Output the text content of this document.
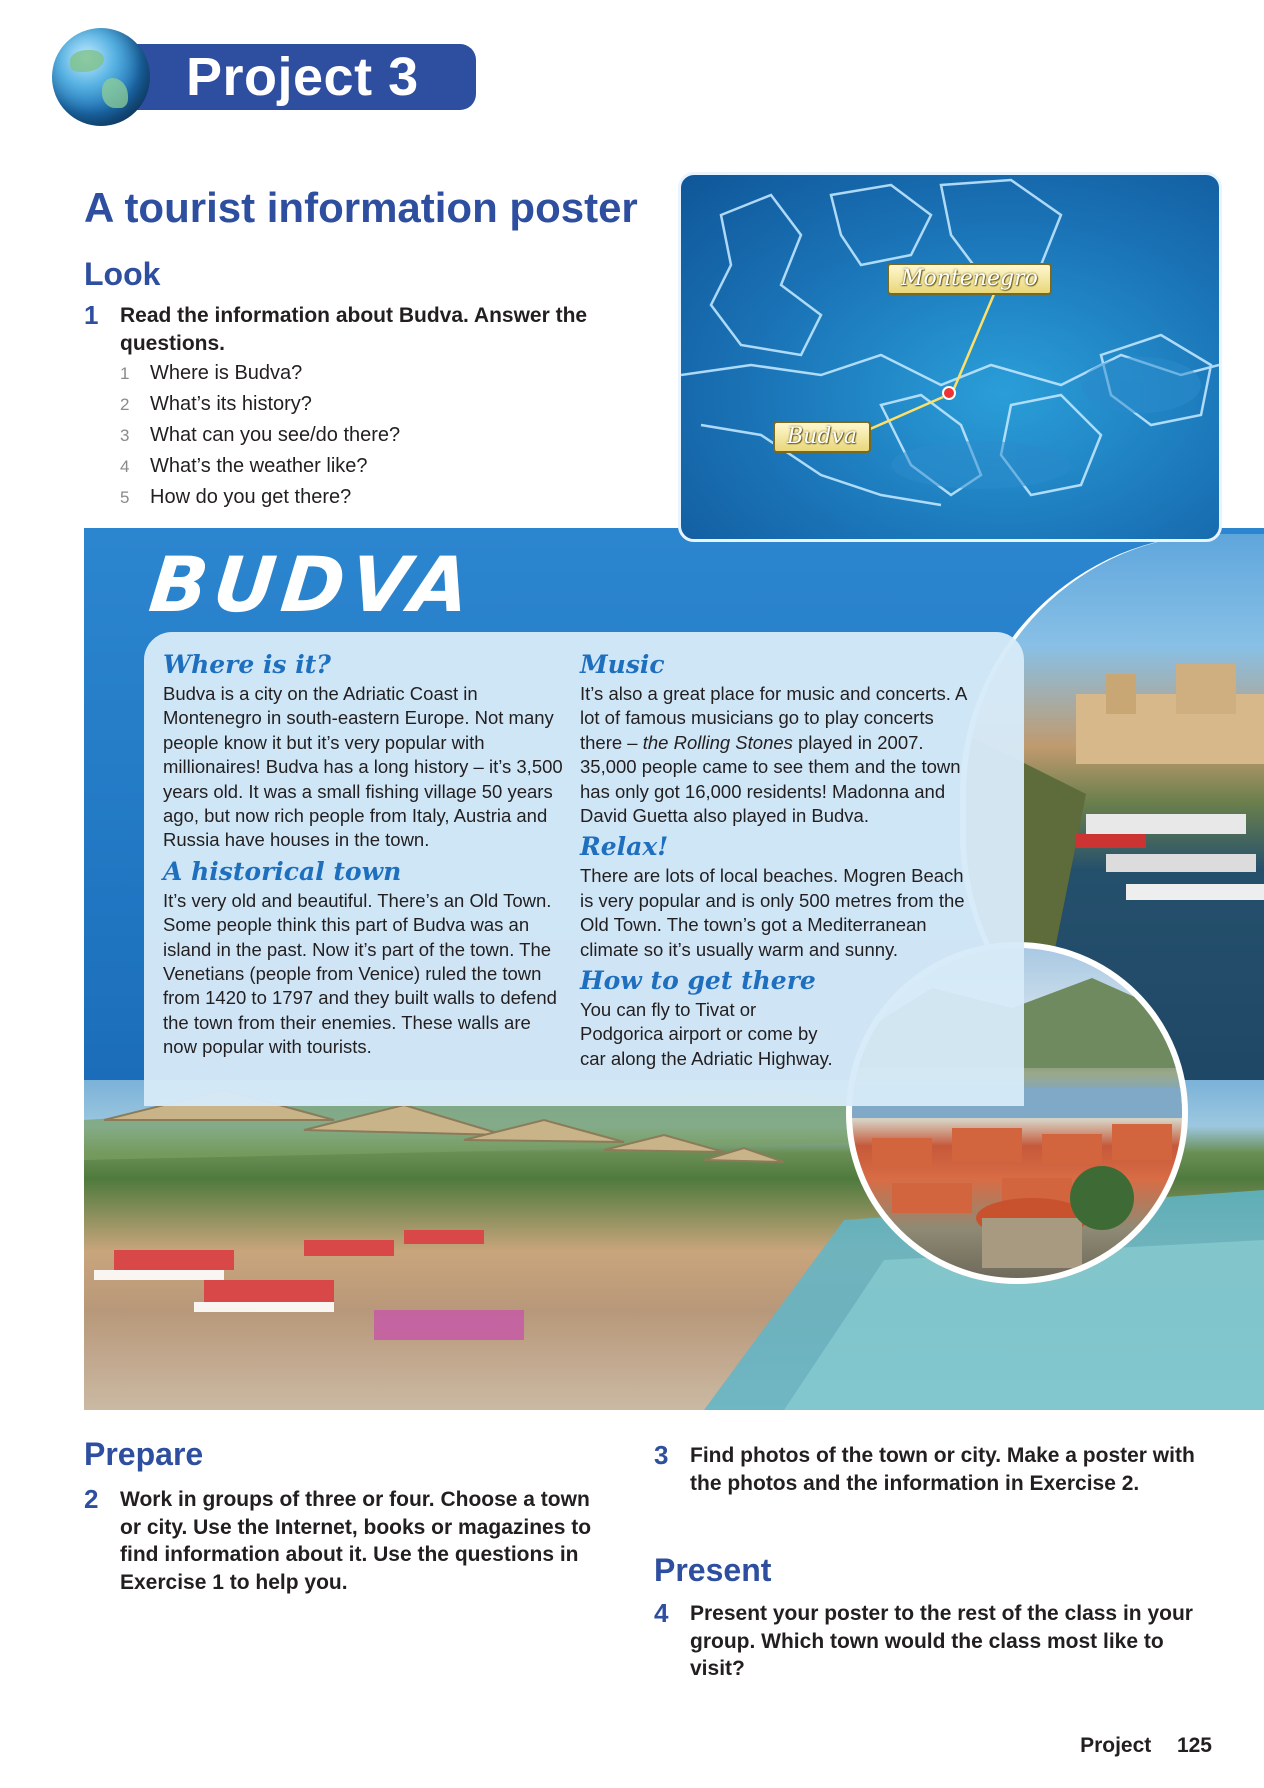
Project 3
A tourist information poster
Look
1 Read the information about Budva. Answer the questions.
1 Where is Budva?
2 What’s its history?
3 What can you see/do there?
4 What’s the weather like?
5 How do you get there?
Montenegro
Budva
BUDVA
Where is it?
Budva is a city on the Adriatic Coast in Montenegro in south-eastern Europe. Not many people know it but it’s very popular with millionaires! Budva has a long history – it’s 3,500 years old. It was a small fishing village 50 years ago, but now rich people from Italy, Austria and Russia have houses in the town.
A historical town
It’s very old and beautiful. There’s an Old Town. Some people think this part of Budva was an island in the past. Now it’s part of the town. The Venetians (people from Venice) ruled the town from 1420 to 1797 and they built walls to defend the town from their enemies. These walls are now popular with tourists.
Music
It’s also a great place for music and concerts. A lot of famous musicians go to play concerts there – the Rolling Stones played in 2007. 35,000 people came to see them and the town has only got 16,000 residents! Madonna and David Guetta also played in Budva.
Relax!
There are lots of local beaches. Mogren Beach is very popular and is only 500 metres from the Old Town. The town’s got a Mediterranean climate so it’s usually warm and sunny.
How to get there
You can fly to Tivat or Podgorica airport or come by car along the Adriatic Highway.
Prepare
2 Work in groups of three or four. Choose a town or city. Use the Internet, books or magazines to find information about it. Use the questions in Exercise 1 to help you.
3 Find photos of the town or city. Make a poster with the photos and the information in Exercise 2.
Present
4 Present your poster to the rest of the class in your group. Which town would the class most like to visit?
Project 125
